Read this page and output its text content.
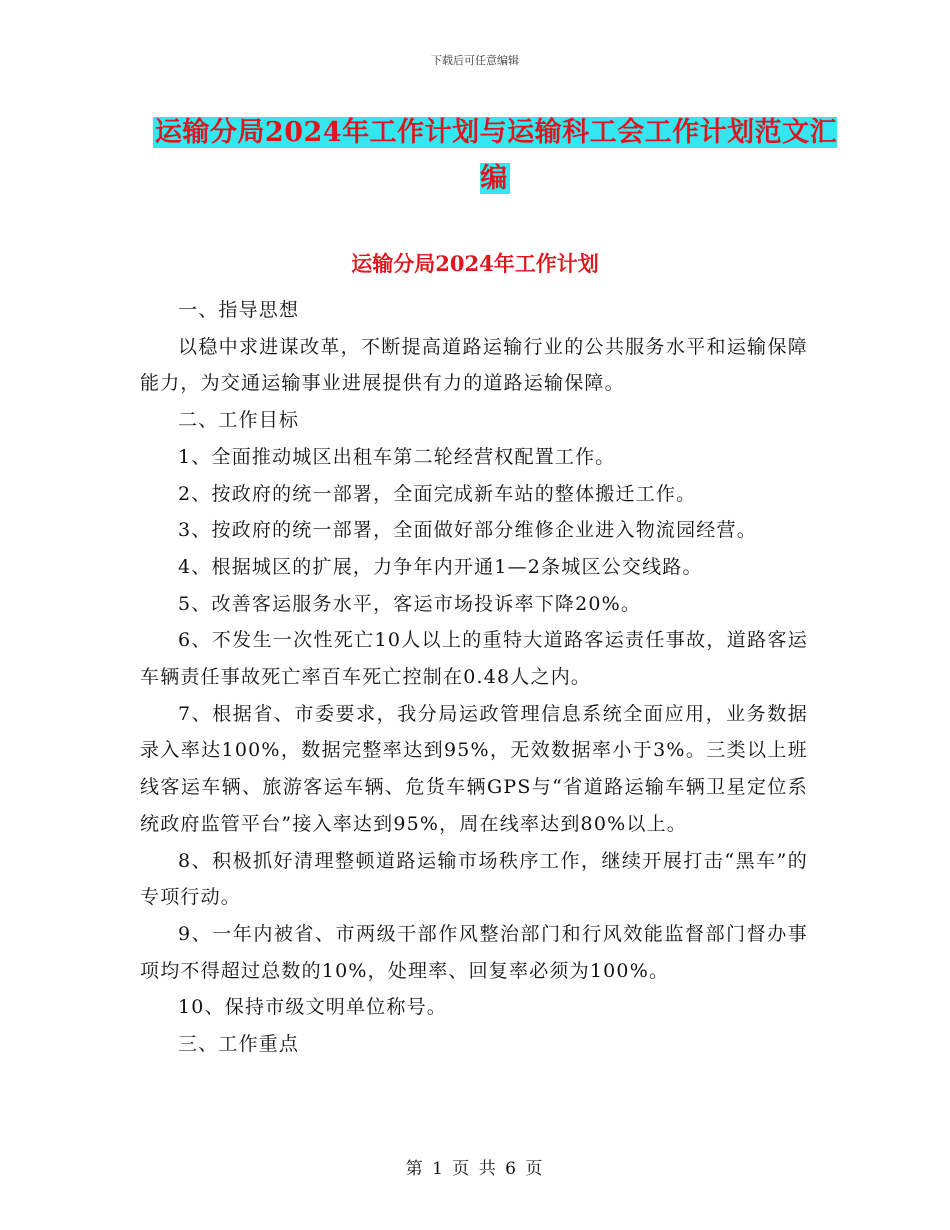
下载后可任意编辑
运输分局2024年工作计划与运输科工会工作计划范文汇编
运输分局2024年工作计划

一、指导思想

以稳中求进谋改革，不断提高道路运输行业的公共服务水平和运输保障能力，为交通运输事业进展提供有力的道路运输保障。

二、工作目标

1、全面推动城区出租车第二轮经营权配置工作。

2、按政府的统一部署，全面完成新车站的整体搬迁工作。

3、按政府的统一部署，全面做好部分维修企业进入物流园经营。

4、根据城区的扩展，力争年内开通1—2条城区公交线路。

5、改善客运服务水平，客运市场投诉率下降20%。

6、不发生一次性死亡10人以上的重特大道路客运责任事故，道路客运车辆责任事故死亡率百车死亡控制在0.48人之内。

7、根据省、市委要求，我分局运政管理信息系统全面应用，业务数据录入率达100%，数据完整率达到95%，无效数据率小于3%。三类以上班线客运车辆、旅游客运车辆、危货车辆GPS与“省道路运输车辆卫星定位系统政府监管平台”接入率达到95%，周在线率达到80%以上。

8、积极抓好清理整顿道路运输市场秩序工作，继续开展打击“黑车”的专项行动。

9、一年内被省、市两级干部作风整治部门和行风效能监督部门督办事项均不得超过总数的10%，处理率、回复率必须为100%。

10、保持市级文明单位称号。

三、工作重点

第 1 页 共 6 页
